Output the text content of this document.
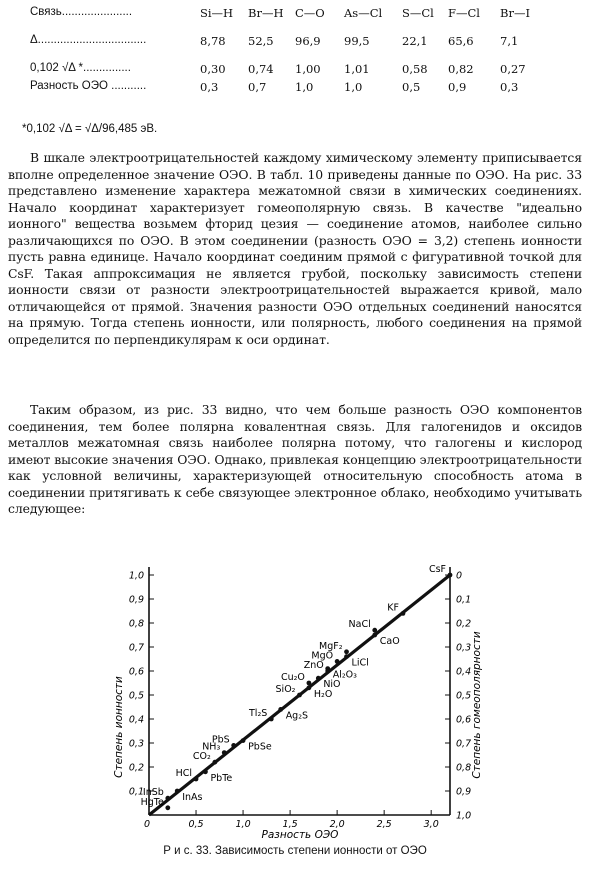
Связь......................	Si—H Br—H C—O As—Cl S—Cl F—Cl Br—I
Δ..................................	8,78 52,5 96,9 99,5	22,1 65,6 7,1
0,102 √Δ *...............	0,30 0,74 1,00 1,01	0,58 0,82 0,27
Разность ОЭО ...........	0,3	0,7 1,0	1,0	0,5 0,9	0,3
*0,102 √Δ = √Δ/96,485 эВ.

В шкале электроотрицательностей каждому химическому элементу приписывается вполне определенное значение ОЭО. В табл. 10 приведены данные по ОЭО. На рис. 33 представлено изменение характера межатомной связи в химических соединениях. Начало координат характеризует гомеополярную связь. В качестве "идеально ионного" вещества возьмем фторид цезия — соединение атомов, наиболее сильно различающихся по ОЭО. В этом соединении (разность ОЭО = 3,2) степень ионности пусть равна единице. Начало координат соединим прямой с фигуративной точкой для CsF. Такая аппроксимация не является грубой, поскольку зависимость степени ионности связи от разности электроотрицательностей выражается кривой, мало отличающейся от прямой. Значения разности ОЭО отдельных соединений наносятся на прямую. Тогда степень ионности, или полярность, любого соединения на прямой определится по перпендикулярам к оси ординат.

Таким образом, из рис. 33 видно, что чем больше разность ОЭО компонентов соединения, тем более полярна ковалентная связь. Для галогенидов и оксидов металлов межатомная связь наиболее полярна потому, что галогены и кислород имеют высокие значения ОЭО. Однако, привлекая концепцию электроотрицательности как условной величины, характеризующей относительную способность атома в соединении притягивать к себе связующее электронное облако, необходимо учитывать следующее:

0,1
0,2
0,3
0,4
0,5
0,6
0,7
0,8
0,9
1,0	0
0,1
0,2
0,3
0,4
0,5
0,6
0,7
0,8
0,9
1,0
0,5	1,0	1,5	2,0	2,5	3,0
0
HgTe
InSb InAs
HCl PbTe
CO₂
NH₃
PbS
PbSe
Tl₂S Ag₂S
SiO₂ H₂O
Cu₂O
NiO
ZnO
Al₂O₃
MgO
LiCl
MgF₂	CaO
NaCl
KF
CsF
Разность ОЭО
Степень ионности	Степень гомеополярности
Р и с. 33. Зависимость степени ионности от ОЭО
